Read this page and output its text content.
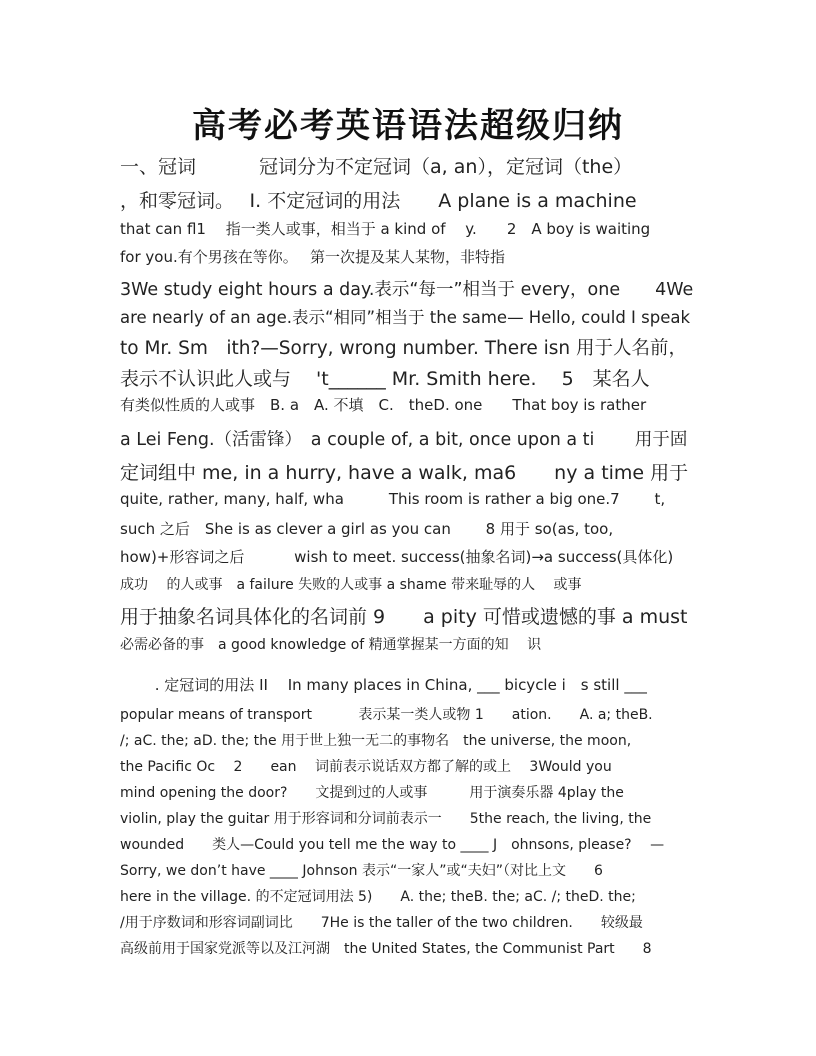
高考必考英语语法超级归纳
一、冠词　　　 冠词分为不定冠词（a, an），定冠词（the）
，和零冠词。　 I. 不定冠词的用法　　A plane is a machine
that can fl1　 指一类人或事，相当于 a kind of　 y.　　2　A boy is waiting
for you.有个男孩在等你。　 第一次提及某人某物，非特指
3We study eight hours a day.表示“每一”相当于 every，one　　4We
are nearly of an age.表示“相同”相当于 the same— Hello, could I speak
to Mr. Sm　ith?—Sorry, wrong number. There isn 用于人名前，
表示不认识此人或与　 't______ Mr. Smith here.　 5　某名人
有类似性质的人或事　B. a　A. 不填　C.　theD. one　　That boy is rather
a Lei Feng.（活雷锋）　a couple of, a bit, once upon a ti　　 用于固
定词组中 me, in a hurry, have a walk, ma6　　ny a time 用于
quite, rather, many, half, wha　　　This room is rather a big one.7　　 t,
such 之后　She is as clever a girl as you can　　 8 用于 so(as, too,
how)+形容词之后　　　 wish to meet. success(抽象名词)→a success(具体化)
成功　 的人或事　a failure 失败的人或事 a shame 带来耻辱的人　 或事
用于抽象名词具体化的名词前 9　　a pity 可惜或遗憾的事 a must
必需必备的事　a good knowledge of 精通掌握某一方面的知　 识
　　 . 定冠词的用法 II　 In many places in China, ___ bicycle i　s still ___
popular means of transport　　　 表示某一类人或物 1　　ation.　　A. a; theB.
/; aC. the; aD. the; the 用于世上独一无二的事物名　the universe, the moon,
the Pacific Oc　 2　　ean　 词前表示说话双方都了解的或上　 3Would you
mind opening the door?　　文提到过的人或事　　　用于演奏乐器 4play the
violin, play the guitar 用于形容词和分词前表示一　　5the reach, the living, the
wounded　　类人—Could you tell me the way to ____ J　ohnsons, please?　 —
Sorry, we don’t have ____ Johnson 表示“一家人”或“夫妇”（对比上文　　6
here in the village. 的不定冠词用法 5)　　A. the; theB. the; aC. /; theD. the;
/用于序数词和形容词副词比　　7He is the taller of the two children.　　较级最
高级前用于国家党派等以及江河湖　the United States, the Communist Part　　8
